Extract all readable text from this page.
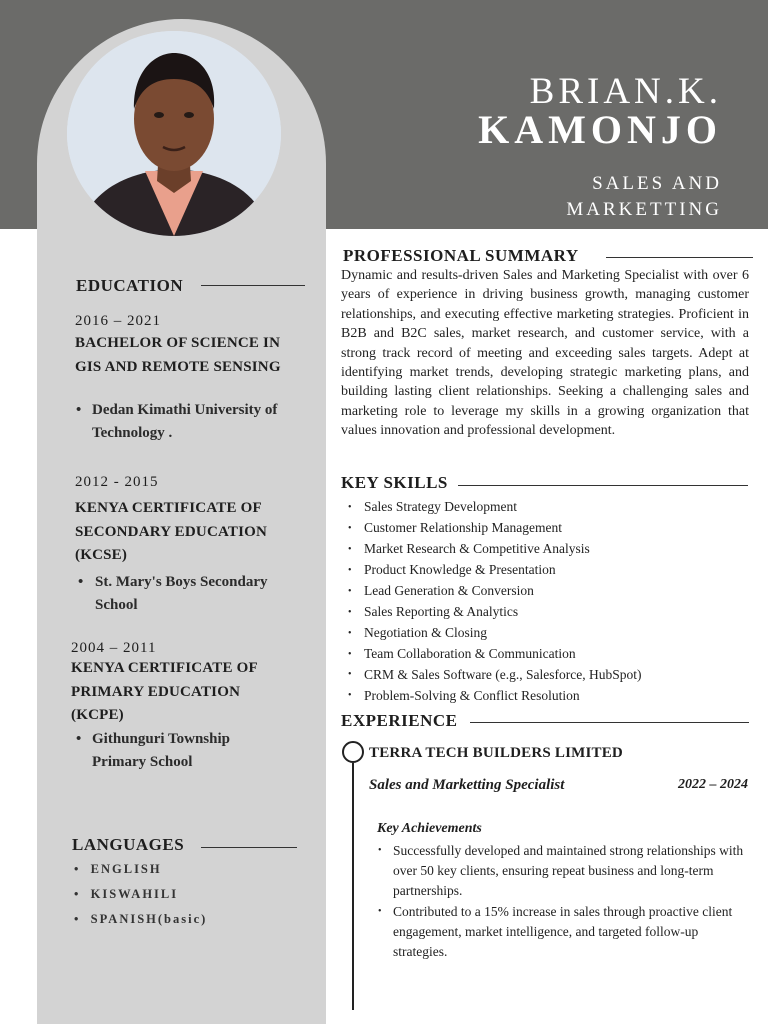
BRIAN.K.
KAMONJO
SALES AND
MARKETTING
EDUCATION
2016 – 2021
BACHELOR OF SCIENCE IN GIS AND REMOTE SENSING
• Dedan Kimathi University of Technology .
2012 - 2015
KENYA CERTIFICATE OF SECONDARY EDUCATION (KCSE)
• St. Mary's Boys Secondary School
2004 – 2011
KENYA CERTIFICATE OF PRIMARY EDUCATION (KCPE)
• Githunguri Township Primary School
LANGUAGES
• ENGLISH
• KISWAHILI
• SPANISH(basic)
PROFESSIONAL SUMMARY
Dynamic and results-driven Sales and Marketing Specialist with over 6 years of experience in driving business growth, managing customer relationships, and executing effective marketing strategies. Proficient in B2B and B2C sales, market research, and customer service, with a strong track record of meeting and exceeding sales targets. Adept at identifying market trends, developing strategic marketing plans, and building lasting client relationships. Seeking a challenging sales and marketing role to leverage my skills in a growing organization that values innovation and professional development.
KEY SKILLS
• Sales Strategy Development
• Customer Relationship Management
• Market Research & Competitive Analysis
• Product Knowledge & Presentation
• Lead Generation & Conversion
• Sales Reporting & Analytics
• Negotiation & Closing
• Team Collaboration & Communication
• CRM & Sales Software (e.g., Salesforce, HubSpot)
• Problem-Solving & Conflict Resolution
EXPERIENCE
TERRA TECH BUILDERS LIMITED
Sales and Marketting Specialist	2022 – 2024
Key Achievements
• Successfully developed and maintained strong relationships with over 50 key clients, ensuring repeat business and long-term partnerships.
• Contributed to a 15% increase in sales through proactive client engagement, market intelligence, and targeted follow-up strategies.
